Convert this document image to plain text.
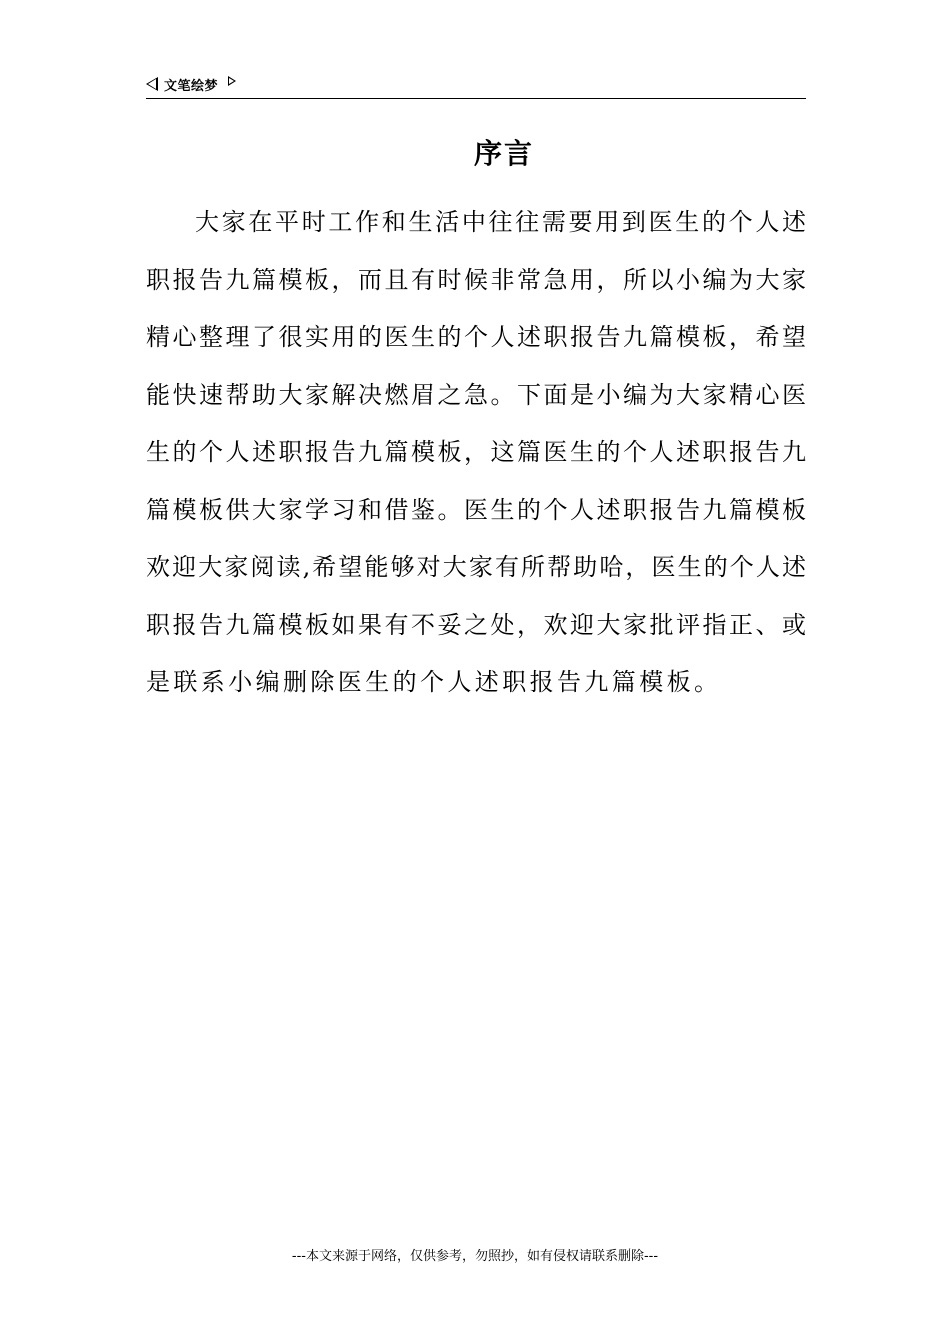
文笔绘梦
序言
大家在平时工作和生活中往往需要用到医生的个人述
职报告九篇模板，而且有时候非常急用，所以小编为大家
精心整理了很实用的医生的个人述职报告九篇模板，希望
能快速帮助大家解决燃眉之急。下面是小编为大家精心医
生的个人述职报告九篇模板，这篇医生的个人述职报告九
篇模板供大家学习和借鉴。医生的个人述职报告九篇模板
欢迎大家阅读,希望能够对大家有所帮助哈，医生的个人述
职报告九篇模板如果有不妥之处，欢迎大家批评指正、或
是联系小编删除医生的个人述职报告九篇模板。
---本文来源于网络，仅供参考，勿照抄，如有侵权请联系删除---
